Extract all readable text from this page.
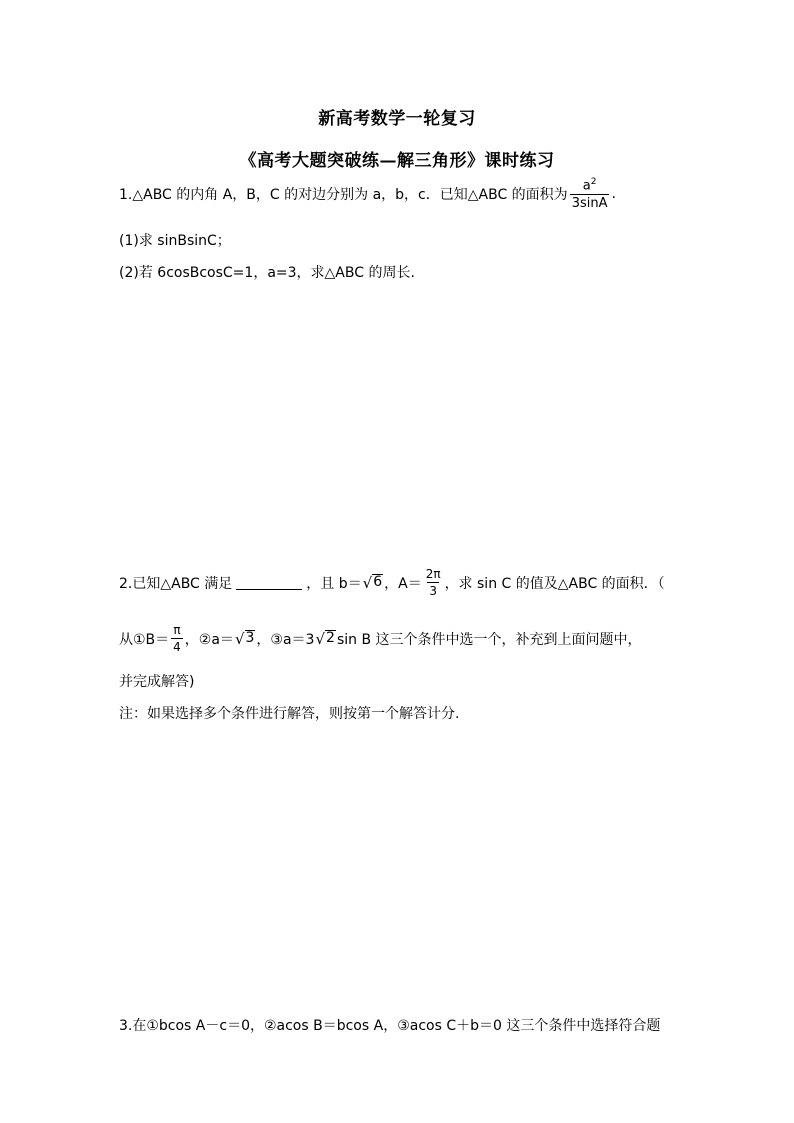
新高考数学一轮复习
《高考大题突破练—解三角形》课时练习
1.△ABC 的内角 A，B，C 的对边分别为 a，b，c．已知△ABC 的面积为 $\frac{a^2}{3\sin A}$ .
(1)求 sinBsinC；
(2)若 6cosBcosC=1，a=3，求△ABC 的周长.
2.已知△ABC 满足	，且 b＝ √ 6 ，$A= \frac{2\pi}{3}$ ，求 sin C 的值及△ABC 的面积．（
从①B＝ $\frac{\pi}{4}$ ，②a＝ √ 3 ，③a＝3 √ 2 sin B 这三个条件中选一个，补充到上面问题中，
并完成解答)
注：如果选择多个条件进行解答，则按第一个解答计分.
3.在①bcos A－c＝0，②acos B＝bcos A，③acos C＋b＝0 这三个条件中选择符合题
